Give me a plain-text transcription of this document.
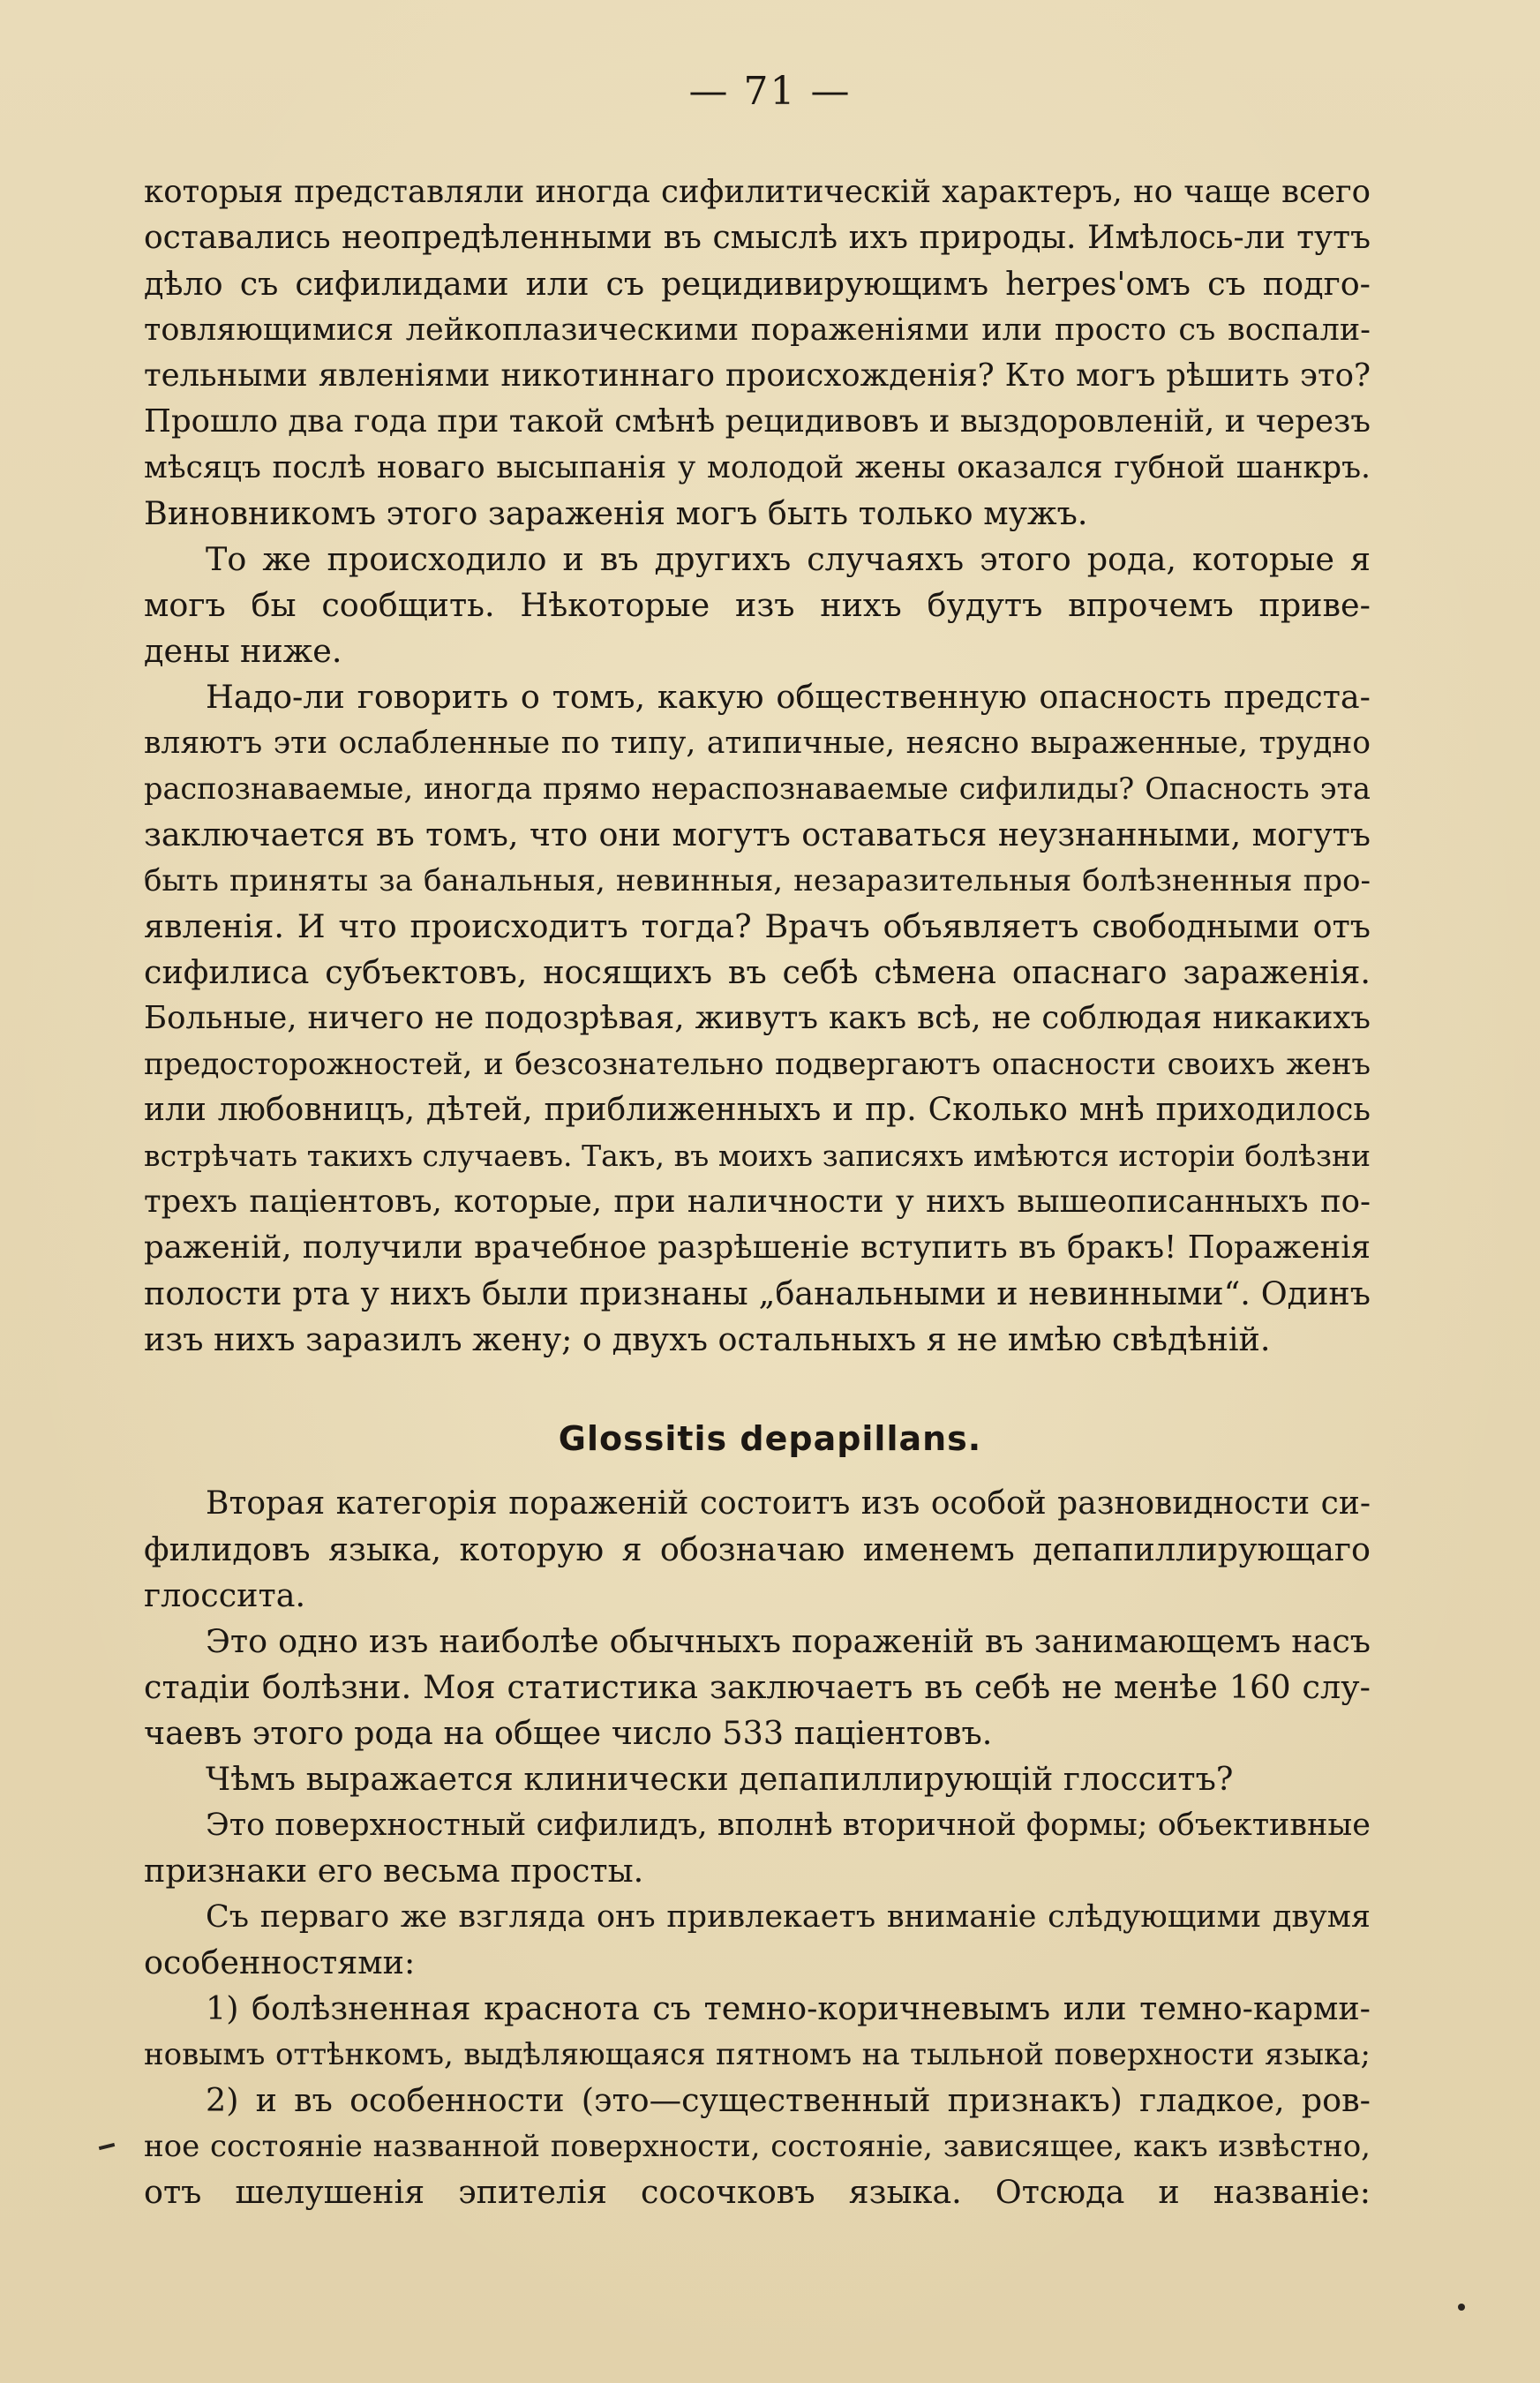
— 71 —
которыя представляли иногда сифилитическій характеръ, но чаще всего
оставались неопредѣленными въ смыслѣ ихъ природы. Имѣлось-ли тутъ
дѣло съ сифилидами или съ рецидивирующимъ herpes'омъ съ подго-
товляющимися лейкоплазическими пораженіями или просто съ воспали-
тельными явленіями никотиннаго происхожденія? Кто могъ рѣшить это?
Прошло два года при такой смѣнѣ рецидивовъ и выздоровленій, и черезъ
мѣсяцъ послѣ новаго высыпанія у молодой жены оказался губной шанкръ.
Виновникомъ этого зараженія могъ быть только мужъ.
То же происходило и въ другихъ случаяхъ этого рода, которые я
могъ бы сообщить. Нѣкоторые изъ нихъ будутъ впрочемъ приве-
дены ниже.
Надо-ли говорить о томъ, какую общественную опасность предста-
вляютъ эти ослабленные по типу, атипичные, неясно выраженные, трудно
распознаваемые, иногда прямо нераспознаваемые сифилиды? Опасность эта
заключается въ томъ, что они могутъ оставаться неузнанными, могутъ
быть приняты за банальныя, невинныя, незаразительныя болѣзненныя про-
явленія. И что происходитъ тогда? Врачъ объявляетъ свободными отъ
сифилиса субъектовъ, носящихъ въ себѣ сѣмена опаснаго зараженія.
Больные, ничего не подозрѣвая, живутъ какъ всѣ, не соблюдая никакихъ
предосторожностей, и безсознательно подвергаютъ опасности своихъ женъ
или любовницъ, дѣтей, приближенныхъ и пр. Сколько мнѣ приходилось
встрѣчать такихъ случаевъ. Такъ, въ моихъ записяхъ имѣются исторіи болѣзни
трехъ паціентовъ, которые, при наличности у нихъ вышеописанныхъ по-
раженій, получили врачебное разрѣшеніе вступить въ бракъ! Пораженія
полости рта у нихъ были признаны „банальными и невинными“. Одинъ
изъ нихъ заразилъ жену; о двухъ остальныхъ я не имѣю свѣдѣній.
Glossitis depapillans.
Вторая категорія пораженій состоитъ изъ особой разновидности си-
филидовъ языка, которую я обозначаю именемъ депапиллирующаго
глоссита.
Это одно изъ наиболѣе обычныхъ пораженій въ занимающемъ насъ
стадіи болѣзни. Моя статистика заключаетъ въ себѣ не менѣе 160 слу-
чаевъ этого рода на общее число 533 паціентовъ.
Чѣмъ выражается клинически депапиллирующій глосситъ?
Это поверхностный сифилидъ, вполнѣ вторичной формы; объективные
признаки его весьма просты.
Съ перваго же взгляда онъ привлекаетъ вниманіе слѣдующими двумя
особенностями:
1) болѣзненная краснота съ темно-коричневымъ или темно-карми-
новымъ оттѣнкомъ, выдѣляющаяся пятномъ на тыльной поверхности языка;
2) и въ особенности (это—существенный признакъ) гладкое, ров-
ное состояніе названной поверхности, состояніе, зависящее, какъ извѣстно,
отъ шелушенія эпителія сосочковъ языка. Отсюда и названіе:
